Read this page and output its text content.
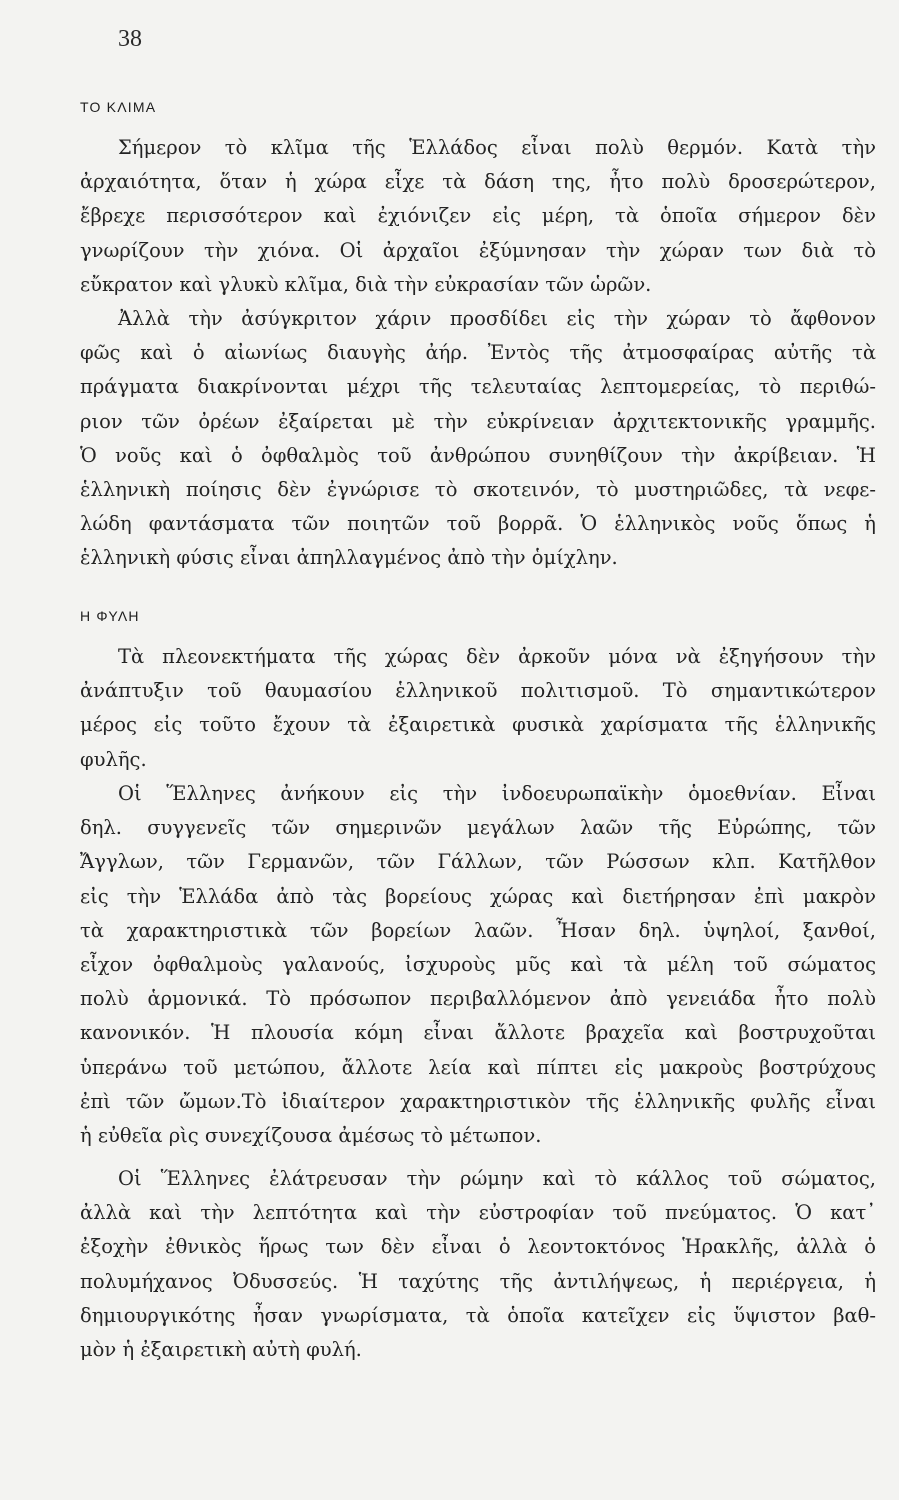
38
ΤΟ ΚΛΙΜΑ
Σήμερον τὸ κλῖμα τῆς Ἑλλάδος εἶναι πολὺ θερμόν. Κατὰ τὴν
ἀρχαιότητα, ὅταν ἡ χώρα εἶχε τὰ δάση της, ἦτο πολὺ δροσερώτερον,
ἔβρεχε περισσότερον καὶ ἐχιόνιζεν εἰς μέρη, τὰ ὁποῖα σήμερον δὲν
γνωρίζουν τὴν χιόνα. Οἱ ἀρχαῖοι ἐξύμνησαν τὴν χώραν των διὰ τὸ
εὔκρατον καὶ γλυκὺ κλῖμα, διὰ τὴν εὐκρασίαν τῶν ὡρῶν.
Ἀλλὰ τὴν ἀσύγκριτον χάριν προσδίδει εἰς τὴν χώραν τὸ ἄφθονον
φῶς καὶ ὁ αἰωνίως διαυγὴς ἀήρ. Ἐντὸς τῆς ἀτμοσφαίρας αὐτῆς τὰ
πράγματα διακρίνονται μέχρι τῆς τελευταίας λεπτομερείας, τὸ περιθώ-
ριον τῶν ὀρέων ἐξαίρεται μὲ τὴν εὐκρίνειαν ἀρχιτεκτονικῆς γραμμῆς.
Ὁ νοῦς καὶ ὁ ὀφθαλμὸς τοῦ ἀνθρώπου συνηθίζουν τὴν ἀκρίβειαν. Ἡ
ἑλληνικὴ ποίησις δὲν ἐγνώρισε τὸ σκοτεινόν, τὸ μυστηριῶδες, τὰ νεφε-
λώδη φαντάσματα τῶν ποιητῶν τοῦ βορρᾶ. Ὁ ἑλληνικὸς νοῦς ὅπως ἡ
ἑλληνικὴ φύσις εἶναι ἀπηλλαγμένος ἀπὸ τὴν ὁμίχλην.
Η ΦΥΛΗ
Τὰ πλεονεκτήματα τῆς χώρας δὲν ἀρκοῦν μόνα νὰ ἐξηγήσουν τὴν
ἀνάπτυξιν τοῦ θαυμασίου ἑλληνικοῦ πολιτισμοῦ. Τὸ σημαντικώτερον
μέρος εἰς τοῦτο ἔχουν τὰ ἐξαιρετικὰ φυσικὰ χαρίσματα τῆς ἑλληνικῆς
φυλῆς.
Οἱ Ἕλληνες ἀνήκουν εἰς τὴν ἰνδοευρωπαϊκὴν ὁμοεθνίαν. Εἶναι
δηλ. συγγενεῖς τῶν σημερινῶν μεγάλων λαῶν τῆς Εὐρώπης, τῶν
Ἄγγλων, τῶν Γερμανῶν, τῶν Γάλλων, τῶν Ρώσσων κλπ. Κατῆλθον
εἰς τὴν Ἑλλάδα ἀπὸ τὰς βορείους χώρας καὶ διετήρησαν ἐπὶ μακρὸν
τὰ χαρακτηριστικὰ τῶν βορείων λαῶν. Ἦσαν δηλ. ὑψηλοί, ξανθοί,
εἶχον ὀφθαλμοὺς γαλανούς, ἰσχυροὺς μῦς καὶ τὰ μέλη τοῦ σώματος
πολὺ ἁρμονικά. Τὸ πρόσωπον περιβαλλόμενον ἀπὸ γενειάδα ἦτο πολὺ
κανονικόν. Ἡ πλουσία κόμη εἶναι ἄλλοτε βραχεῖα καὶ βοστρυχοῦται
ὑπεράνω τοῦ μετώπου, ἄλλοτε λεία καὶ πίπτει εἰς μακροὺς βοστρύχους
ἐπὶ τῶν ὤμων.Τὸ ἰδιαίτερον χαρακτηριστικὸν τῆς ἑλληνικῆς φυλῆς εἶναι
ἡ εὐθεῖα ρὶς συνεχίζουσα ἀμέσως τὸ μέτωπον.
Οἱ Ἕλληνες ἐλάτρευσαν τὴν ρώμην καὶ τὸ κάλλος τοῦ σώματος,
ἀλλὰ καὶ τὴν λεπτότητα καὶ τὴν εὐστροφίαν τοῦ πνεύματος. Ὁ κατ᾽
ἐξοχὴν ἐθνικὸς ἥρως των δὲν εἶναι ὁ λεοντοκτόνος Ἡρακλῆς, ἀλλὰ ὁ
πολυμήχανος Ὀδυσσεύς. Ἡ ταχύτης τῆς ἀντιλήψεως, ἡ περιέργεια, ἡ
δημιουργικότης ἦσαν γνωρίσματα, τὰ ὁποῖα κατεῖχεν εἰς ὕψιστον βαθ-
μὸν ἡ ἐξαιρετικὴ αὐτὴ φυλή.
